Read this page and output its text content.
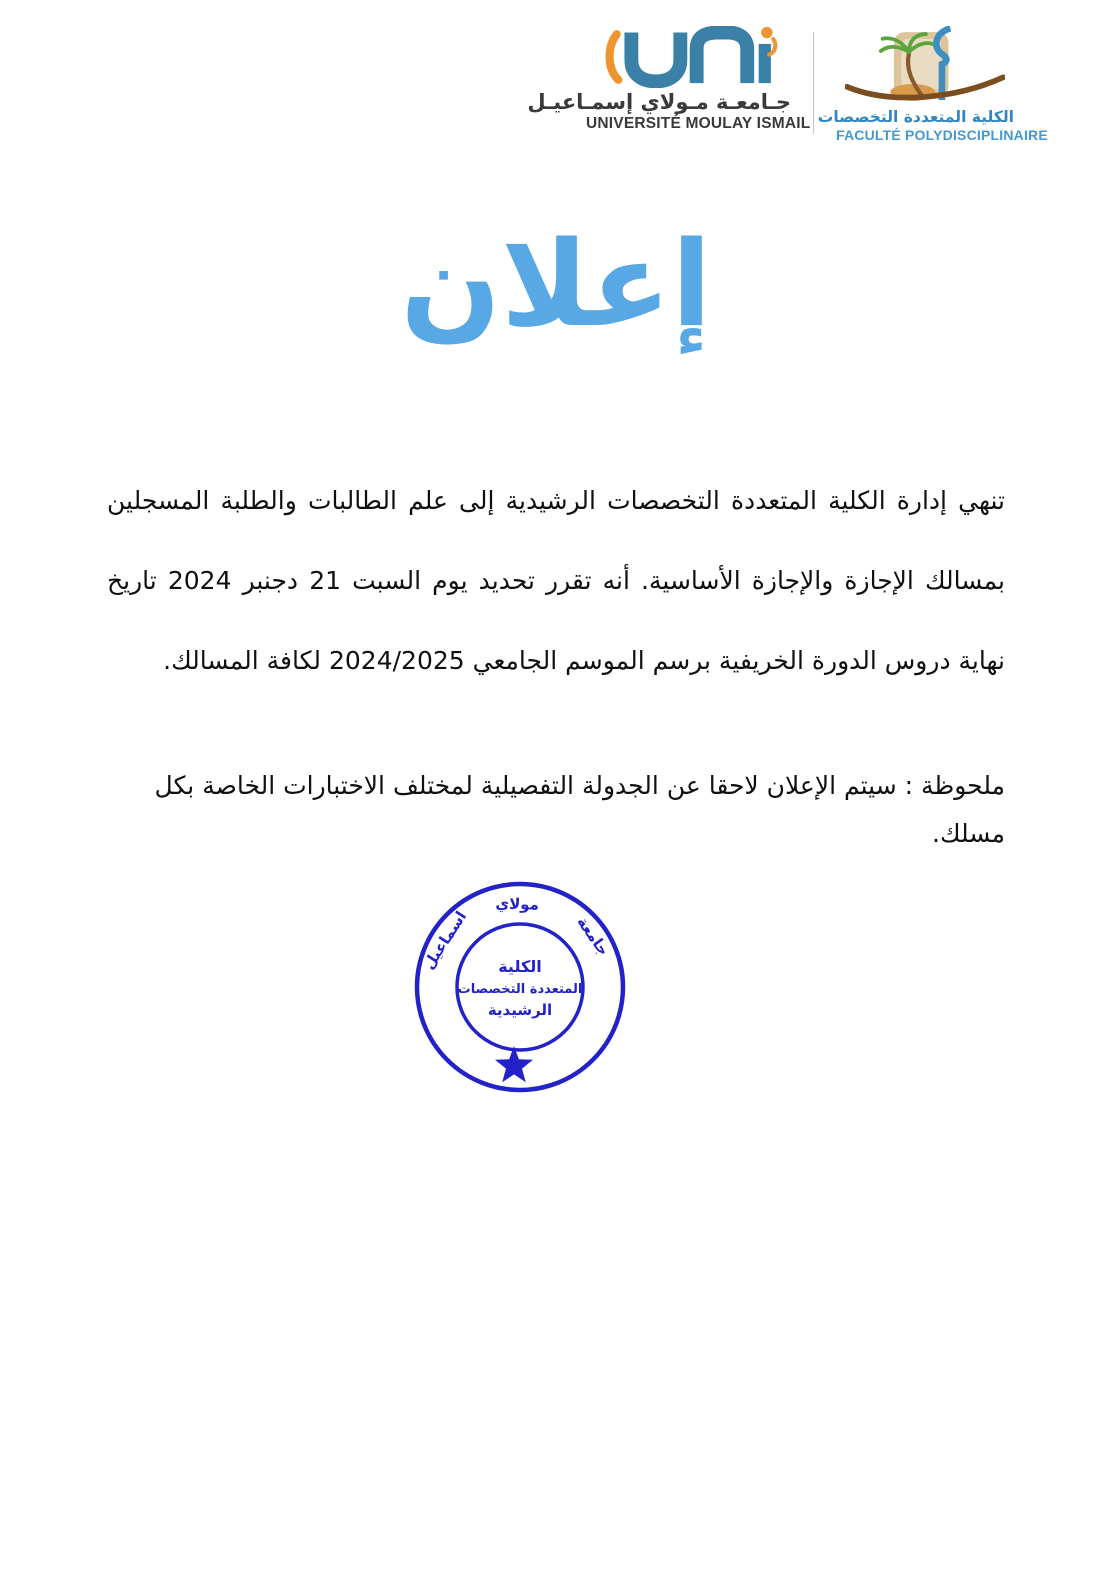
جـامعـة مـولاي إسمـاعيـل
UNIVERSITÉ MOULAY ISMAIL الكلية المتعددة التخصصات
FACULTÉ POLYDISCIPLINAIRE
إعلان

تنهي إدارة الكلية المتعددة التخصصات الرشيدية إلى علم الطالبات والطلبة المسجلين بمسالك الإجازة والإجازة الأساسية. أنه تقرر تحديد يوم السبت 21 دجنبر 2024 تاريخ نهاية دروس الدورة الخريفية برسم الموسم الجامعي 2024/2025 لكافة المسالك.

ملحوظة : سيتم الإعلان لاحقا عن الجدولة التفصيلية لمختلف الاختبارات الخاصة بكل مسلك.

جامعة
مولاي
اسماعيل الكلية
المتعددة التخصصات
الرشيدية
